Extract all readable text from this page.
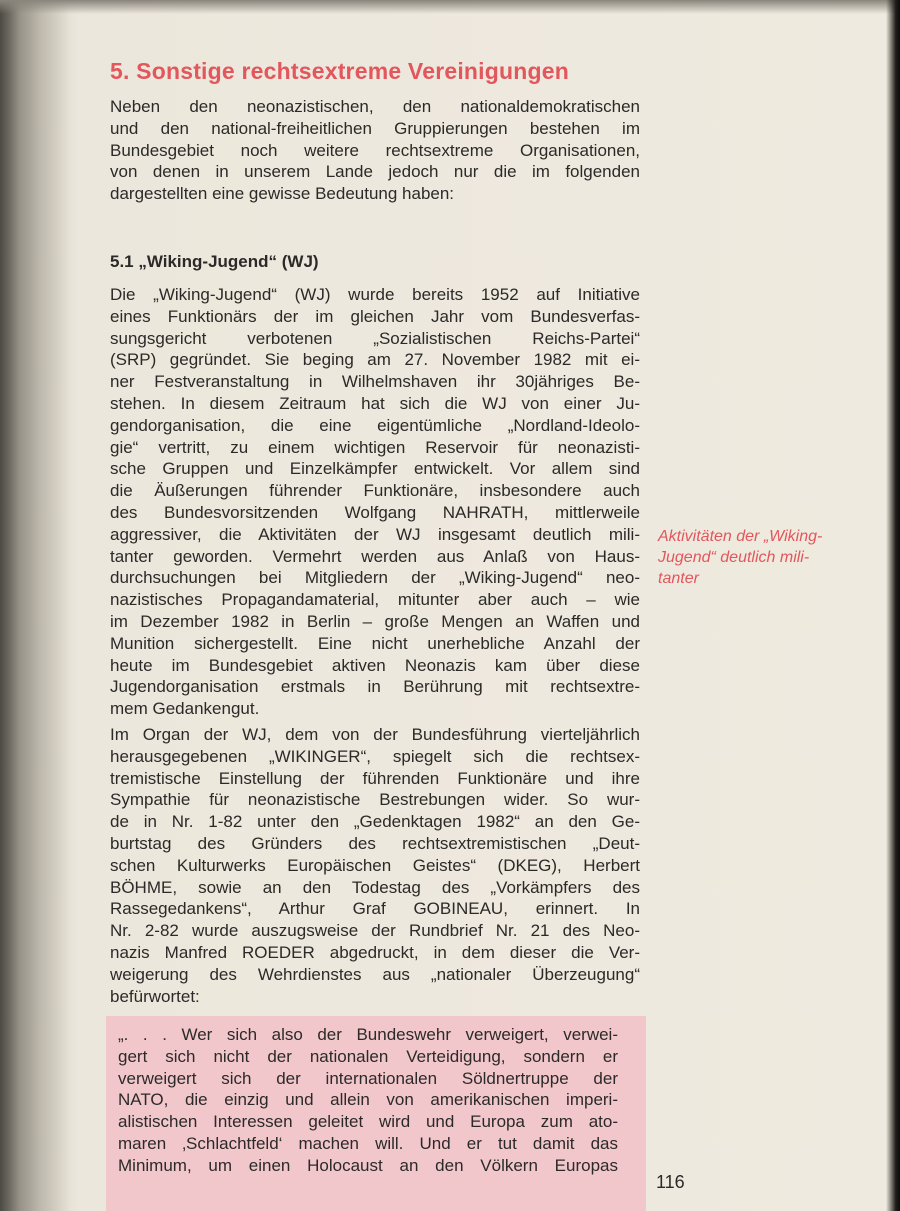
5. Sonstige rechtsextreme Vereinigungen
Neben den neonazistischen, den nationaldemokratischen
und den national-freiheitlichen Gruppierungen bestehen im
Bundesgebiet noch weitere rechtsextreme Organisationen,
von denen in unserem Lande jedoch nur die im folgenden
dargestellten eine gewisse Bedeutung haben:
5.1 „Wiking-Jugend“ (WJ)
Die „Wiking-Jugend“ (WJ) wurde bereits 1952 auf Initiative
eines Funktionärs der im gleichen Jahr vom Bundesverfas-
sungsgericht verbotenen „Sozialistischen Reichs-Partei“
(SRP) gegründet. Sie beging am 27. November 1982 mit ei-
ner Festveranstaltung in Wilhelmshaven ihr 30jähriges Be-
stehen. In diesem Zeitraum hat sich die WJ von einer Ju-
gendorganisation, die eine eigentümliche „Nordland-Ideolo-
gie“ vertritt, zu einem wichtigen Reservoir für neonazisti-
sche Gruppen und Einzelkämpfer entwickelt. Vor allem sind
die Äußerungen führender Funktionäre, insbesondere auch
des Bundesvorsitzenden Wolfgang NAHRATH, mittlerweile
aggressiver, die Aktivitäten der WJ insgesamt deutlich mili-
tanter geworden. Vermehrt werden aus Anlaß von Haus-
durchsuchungen bei Mitgliedern der „Wiking-Jugend“ neo-
nazistisches Propagandamaterial, mitunter aber auch – wie
im Dezember 1982 in Berlin – große Mengen an Waffen und
Munition sichergestellt. Eine nicht unerhebliche Anzahl der
heute im Bundesgebiet aktiven Neonazis kam über diese
Jugendorganisation erstmals in Berührung mit rechtsextre-
mem Gedankengut.
Im Organ der WJ, dem von der Bundesführung vierteljährlich
herausgegebenen „WIKINGER“, spiegelt sich die rechtsex-
tremistische Einstellung der führenden Funktionäre und ihre
Sympathie für neonazistische Bestrebungen wider. So wur-
de in Nr. 1-82 unter den „Gedenktagen 1982“ an den Ge-
burtstag des Gründers des rechtsextremistischen „Deut-
schen Kulturwerks Europäischen Geistes“ (DKEG), Herbert
BÖHME, sowie an den Todestag des „Vorkämpfers des
Rassegedankens“, Arthur Graf GOBINEAU, erinnert. In
Nr. 2-82 wurde auszugsweise der Rundbrief Nr. 21 des Neo-
nazis Manfred ROEDER abgedruckt, in dem dieser die Ver-
weigerung des Wehrdienstes aus „nationaler Überzeugung“
befürwortet:
„. . . Wer sich also der Bundeswehr verweigert, verwei-
gert sich nicht der nationalen Verteidigung, sondern er
verweigert sich der internationalen Söldnertruppe der
NATO, die einzig und allein von amerikanischen imperi-
alistischen Interessen geleitet wird und Europa zum ato-
maren ‚Schlachtfeld‘ machen will. Und er tut damit das
Minimum, um einen Holocaust an den Völkern Europas
Aktivitäten der „Wiking-
Jugend“ deutlich mili-
tanter
116
